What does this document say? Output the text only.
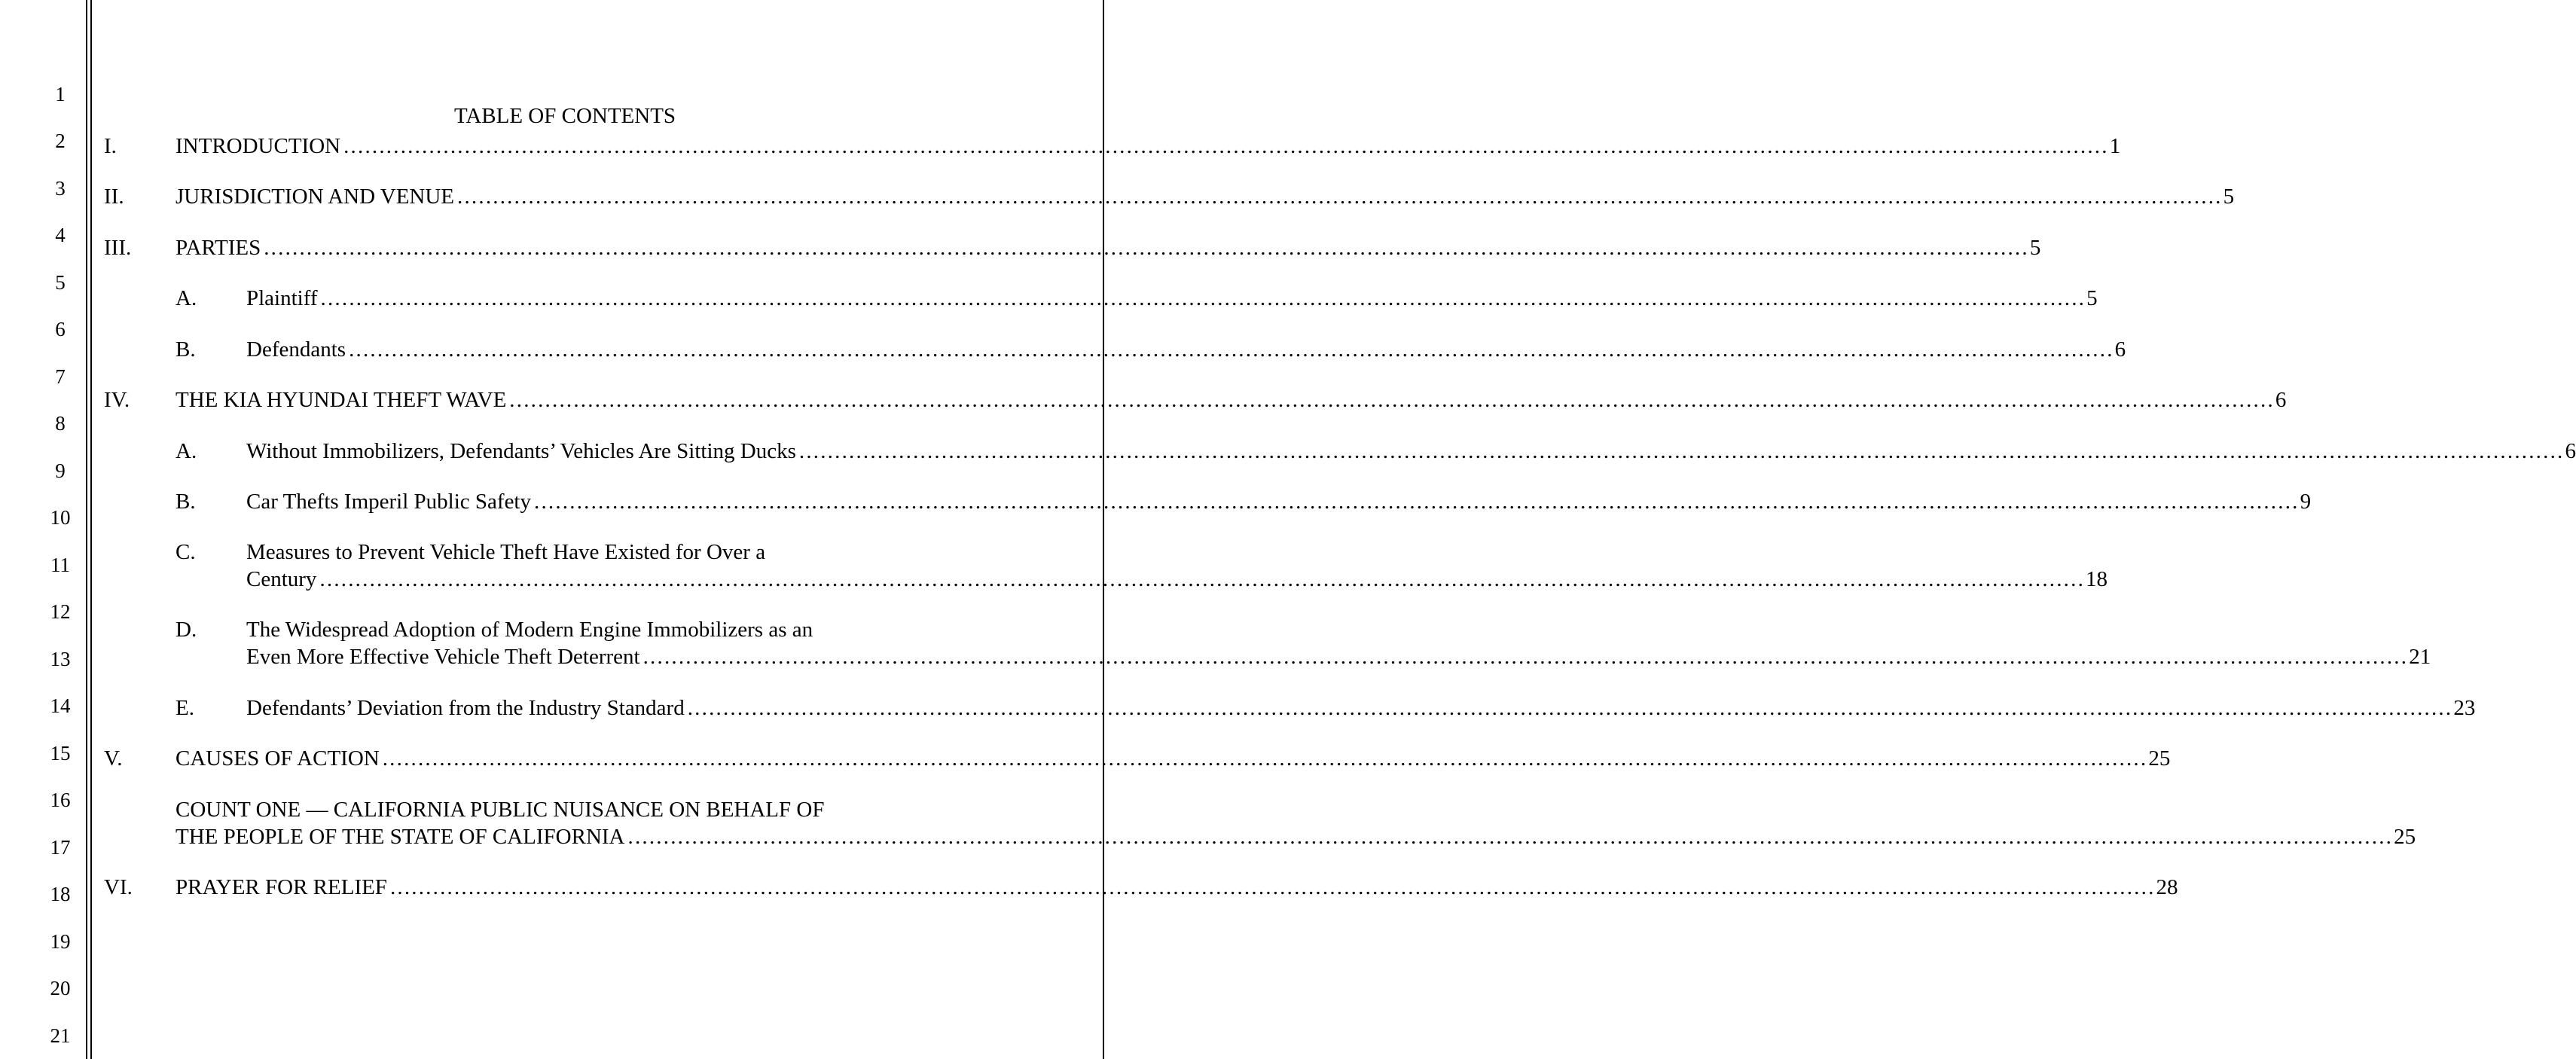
1
2
3
4
5
6
7
8
9
10
11
12
13
14
15
16
17
18
19
20
21
TABLE OF CONTENTS
I.	INTRODUCTION ........................................................................................................................................................................................................................................................ 1
II. JURISDICTION AND VENUE ........................................................................................................................................................................................................................................................ 5
III. PARTIES ........................................................................................................................................................................................................................................................ 5
A. Plaintiff ........................................................................................................................................................................................................................................................ 5
B. Defendants ........................................................................................................................................................................................................................................................ 6
IV. THE KIA HYUNDAI THEFT WAVE ........................................................................................................................................................................................................................................................ 6
A. Without Immobilizers, Defendants’ Vehicles Are Sitting Ducks ........................................................................................................................................................................................................................................................ 6
B. Car Thefts Imperil Public Safety ........................................................................................................................................................................................................................................................ 9
C. Measures to Prevent Vehicle Theft Have Existed for Over a
Century ........................................................................................................................................................................................................................................................ 18
D. The Widespread Adoption of Modern Engine Immobilizers as an
Even More Effective Vehicle Theft Deterrent ........................................................................................................................................................................................................................................................ 21
E. Defendants’ Deviation from the Industry Standard ........................................................................................................................................................................................................................................................ 23
V. CAUSES OF ACTION ........................................................................................................................................................................................................................................................ 25
COUNT ONE — CALIFORNIA PUBLIC NUISANCE ON BEHALF OF
THE PEOPLE OF THE STATE OF CALIFORNIA ........................................................................................................................................................................................................................................................ 25
VI. PRAYER FOR RELIEF ........................................................................................................................................................................................................................................................ 28
